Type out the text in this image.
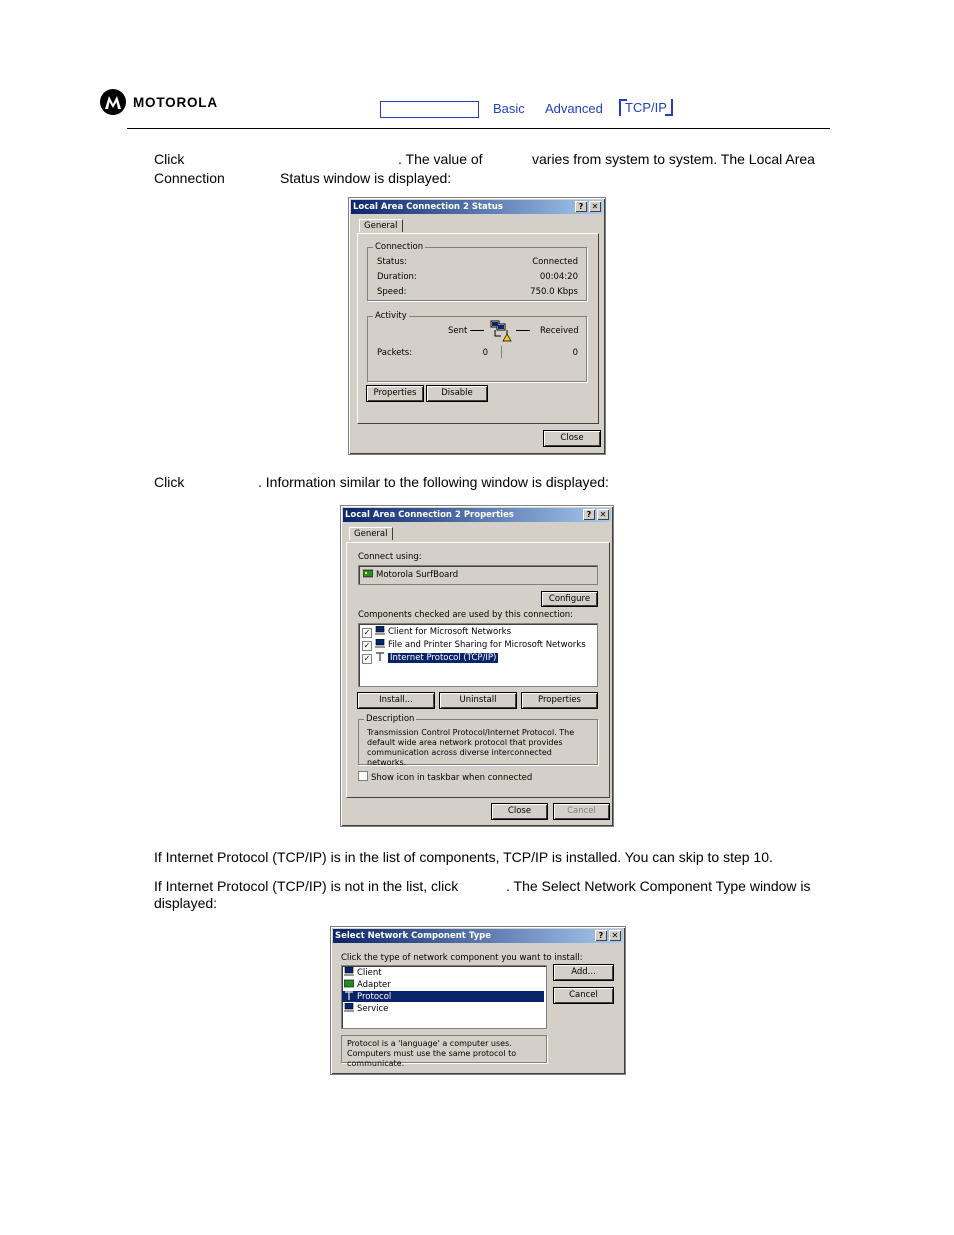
MOTOROLA	Basic Advanced	TCP/IP
Click	. The value of	varies from system to system. The Local Area
Connection	Status window is displayed:
Local Area Connection 2 Status	?	✕
General
Connection
Status:	Connected
Duration:	00:04:20
Speed:	750.0 Kbps
Activity
Sent	Received
Packets:	0	0
Properties	Disable
Close
Click	. Information similar to the following window is displayed:
Local Area Connection 2 Properties	?	✕
General
Connect using:
Motorola SurfBoard
Configure
Components checked are used by this connection:
✓ Client for Microsoft Networks
✓ File and Printer Sharing for Microsoft Networks
✓ Internet Protocol (TCP/IP)
Install...	Uninstall	Properties
Description
Transmission Control Protocol/Internet Protocol. The default wide area network protocol that provides communication across diverse interconnected networks.
Show icon in taskbar when connected
Close	Cancel
If Internet Protocol (TCP/IP) is in the list of components, TCP/IP is installed. You can skip to step 10.
If Internet Protocol (TCP/IP) is not in the list, click	. The Select Network Component Type window is
displayed:
Select Network Component Type	?	✕
Click the type of network component you want to install:
Client
Adapter
Protocol
Service
Add...
Cancel
Protocol is a 'language' a computer uses. Computers must use the same protocol to communicate.
